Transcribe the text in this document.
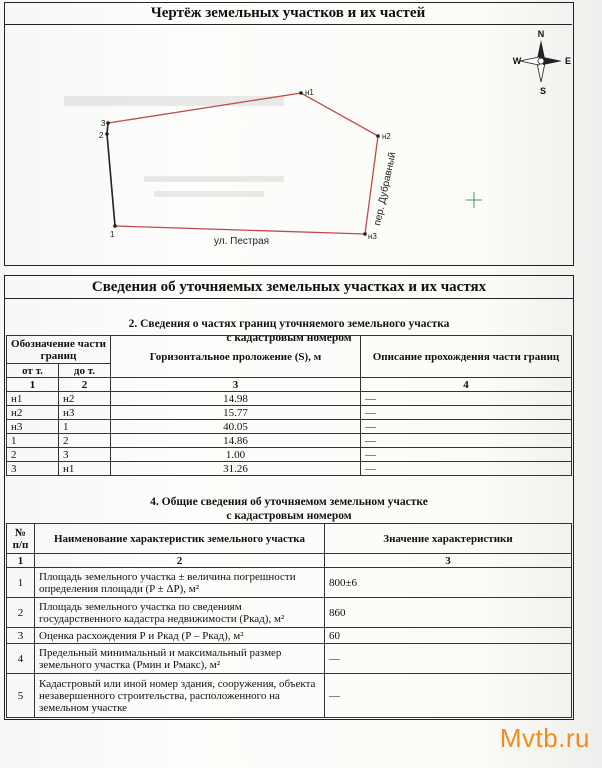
Чертёж земельных участков и их частей
н1
н2
н3
1
2
3
ул. Пестрая
пер. Дубравный
N
S
W	E
Сведения об уточняемых земельных участках и их частях
2. Сведения о частях границ уточняемого земельного участка
с кадастровым номером
Обозначение части границ		Горизонтальное проложение (S), м	Описание прохождения части границ
от т.	до т.		
1	2	3	4
н1	н2	14.98	—
н2	н3	15.77	—
н3	1	40.05	—
1	2	14.86	—
2	3	1.00	—
3	н1	31.26	—
4. Общие сведения об уточняемом земельном участке
с кадастровым номером
№ п/п	Наименование характеристик земельного участка	Значение характеристики
1	2	3
1	Площадь земельного участка ± величина погрешности определения площади (P ± ΔP), м²	800±6
2	Площадь земельного участка по сведениям государственного кадастра недвижимости (Ркад), м²	860
3	Оценка расхождения Р и Ркад (Р – Ркад), м²	60
4	Предельный минимальный и максимальный размер земельного участка (Рмин и Рмакс), м²	—
5	Кадастровый или иной номер здания, сооружения, объекта незавершенного строительства, расположенного на земельном участке	—
Mvtb.ru
